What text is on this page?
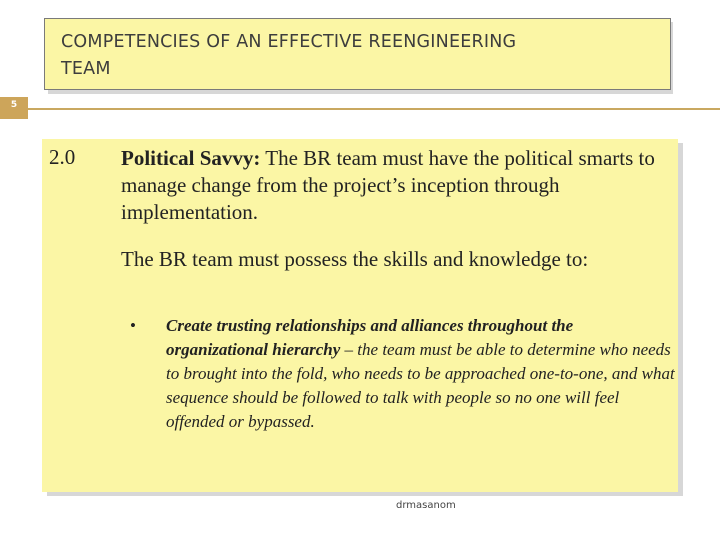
COMPETENCIES OF AN EFFECTIVE REENGINEERING
TEAM
5
2.0 Political Savvy: The BR team must have the political smarts to manage change from the project’s inception through implementation.
The BR team must possess the skills and knowledge to:
• Create trusting relationships and alliances throughout the organizational hierarchy – the team must be able to determine who needs to brought into the fold, who needs to be approached one-to-one, and what sequence should be followed to talk with people so no one will feel offended or bypassed.
drmasanom
